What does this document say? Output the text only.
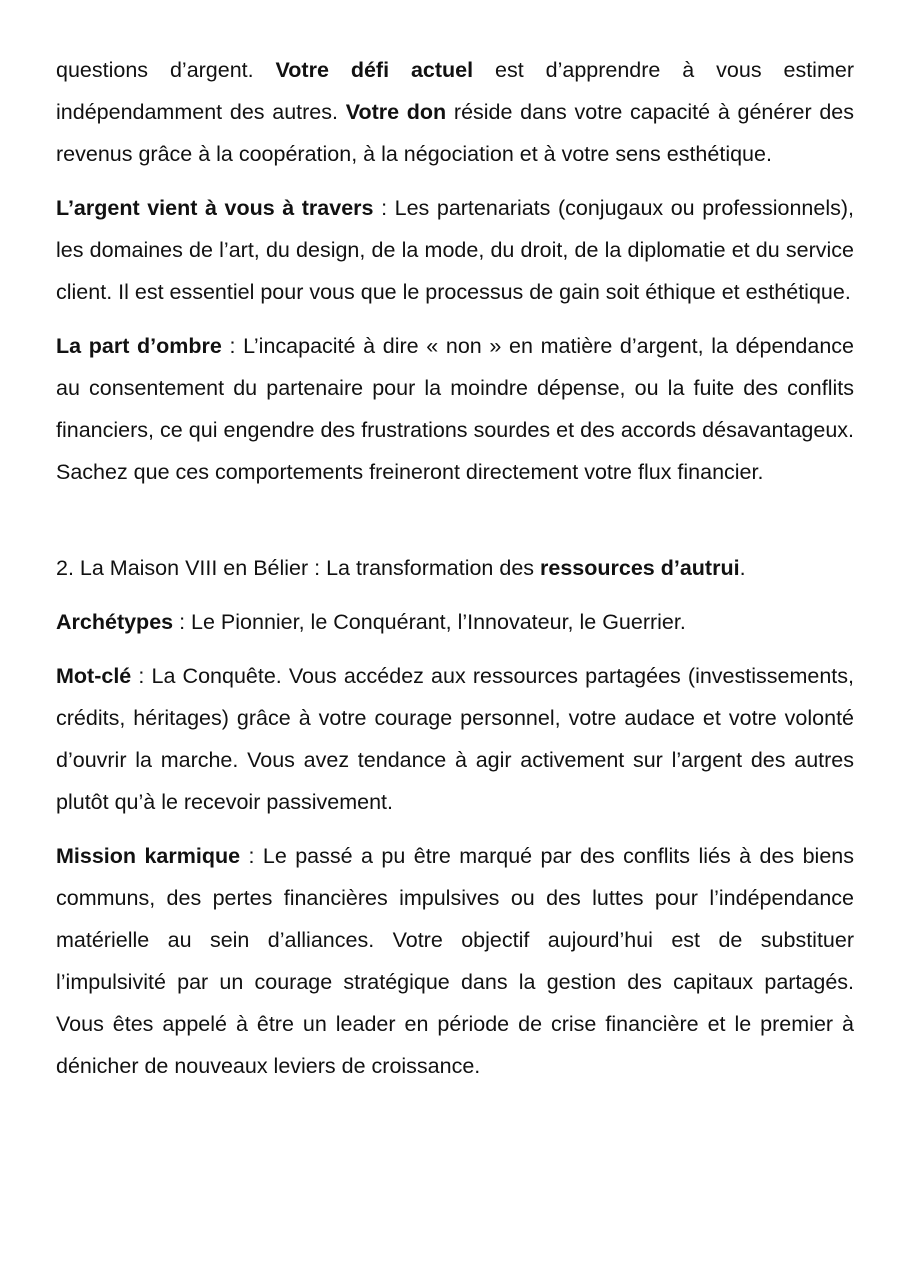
questions d’argent. Votre défi actuel est d’apprendre à vous estimer indépendamment des autres. Votre don réside dans votre capacité à générer des revenus grâce à la coopération, à la négociation et à votre sens esthétique.

L’argent vient à vous à travers : Les partenariats (conjugaux ou professionnels), les domaines de l’art, du design, de la mode, du droit, de la diplomatie et du service client. Il est essentiel pour vous que le processus de gain soit éthique et esthétique.

La part d’ombre : L’incapacité à dire « non » en matière d’argent, la dépendance au consentement du partenaire pour la moindre dépense, ou la fuite des conflits financiers, ce qui engendre des frustrations sourdes et des accords désavantageux. Sachez que ces comportements freineront directement votre flux financier.

2. La Maison VIII en Bélier : La transformation des ressources d’autrui.

Archétypes : Le Pionnier, le Conquérant, l’Innovateur, le Guerrier.

Mot-clé : La Conquête. Vous accédez aux ressources partagées (investissements, crédits, héritages) grâce à votre courage personnel, votre audace et votre volonté d’ouvrir la marche. Vous avez tendance à agir activement sur l’argent des autres plutôt qu’à le recevoir passivement.

Mission karmique : Le passé a pu être marqué par des conflits liés à des biens communs, des pertes financières impulsives ou des luttes pour l’indépendance matérielle au sein d’alliances. Votre objectif aujourd’hui est de substituer l’impulsivité par un courage stratégique dans la gestion des capitaux partagés. Vous êtes appelé à être un leader en période de crise financière et le premier à dénicher de nouveaux leviers de croissance.
